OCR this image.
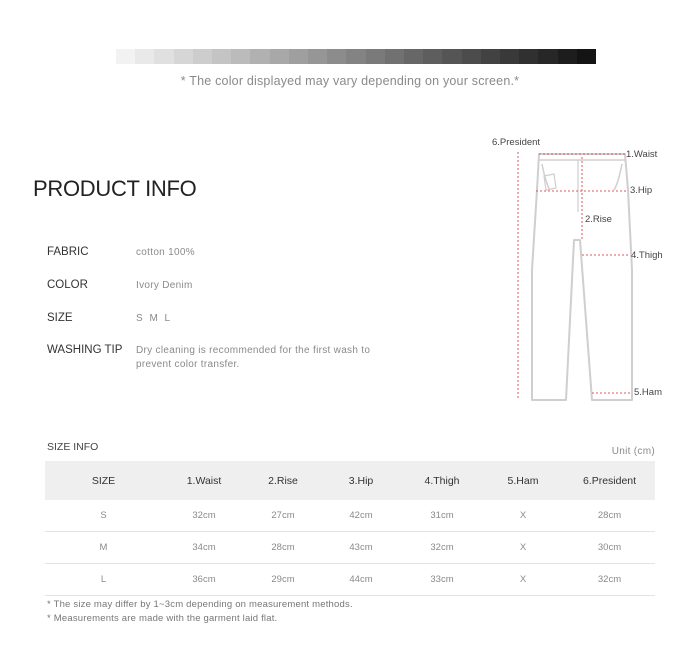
* The color displayed may vary depending on your screen.*
PRODUCT INFO
FABRIC	cotton 100%
COLOR	Ivory Denim
SIZE	S M L
WASHING TIP	Dry cleaning is recommended for the first wash to prevent color transfer.
6.President
1.Waist
3.Hip
2.Rise
4.Thigh
5.Ham
SIZE INFO	Unit (cm)
SIZE	1.Waist	2.Rise	3.Hip	4.Thigh	5.Ham	6.President
S	32cm	27cm	42cm	31cm	X	28cm
M	34cm	28cm	43cm	32cm	X	30cm
L	36cm	29cm	44cm	33cm	X	32cm
* The size may differ by 1~3cm depending on measurement methods.
* Measurements are made with the garment laid flat.
